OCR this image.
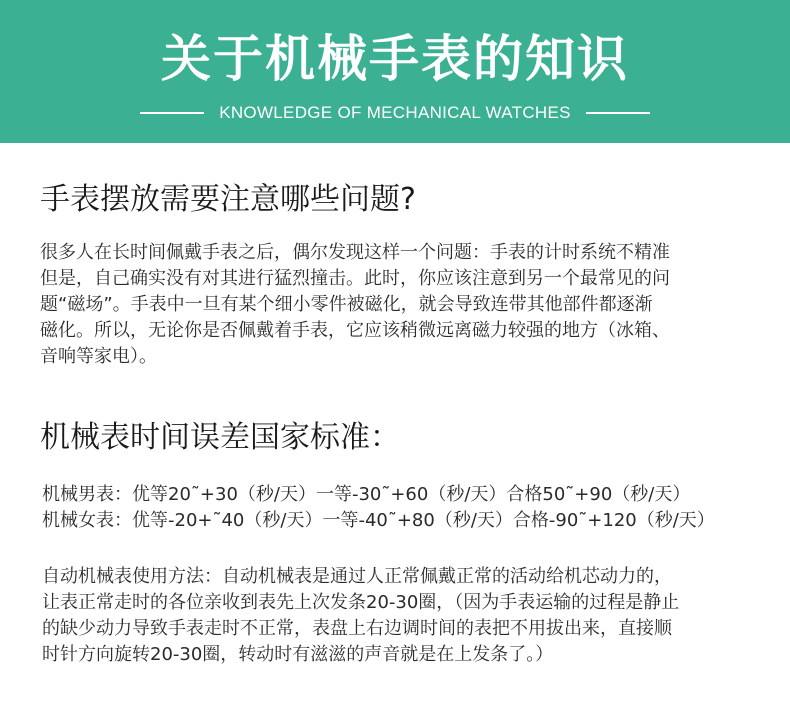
关于机械手表的知识
KNOWLEDGE OF MECHANICAL WATCHES
手表摆放需要注意哪些问题?
很多人在长时间佩戴手表之后，偶尔发现这样一个问题：手表的计时系统不精准
但是，自己确实没有对其进行猛烈撞击。此时，你应该注意到另一个最常见的问
题“磁场”。手表中一旦有某个细小零件被磁化，就会导致连带其他部件都逐渐
磁化。所以，无论你是否佩戴着手表，它应该稍微远离磁力较强的地方（冰箱、
音响等家电）。
机械表时间误差国家标准：
机械男表：优等20˜+30（秒/天）一等-30˜+60（秒/天）合格50˜+90（秒/天）
机械女表：优等-20+˜40（秒/天）一等-40˜+80（秒/天）合格-90˜+120（秒/天）
自动机械表使用方法：自动机械表是通过人正常佩戴正常的活动给机芯动力的，
让表正常走时的各位亲收到表先上次发条20-30圈，（因为手表运输的过程是静止
的缺少动力导致手表走时不正常，表盘上右边调时间的表把不用拔出来，直接顺
时针方向旋转20-30圈，转动时有滋滋的声音就是在上发条了。）
